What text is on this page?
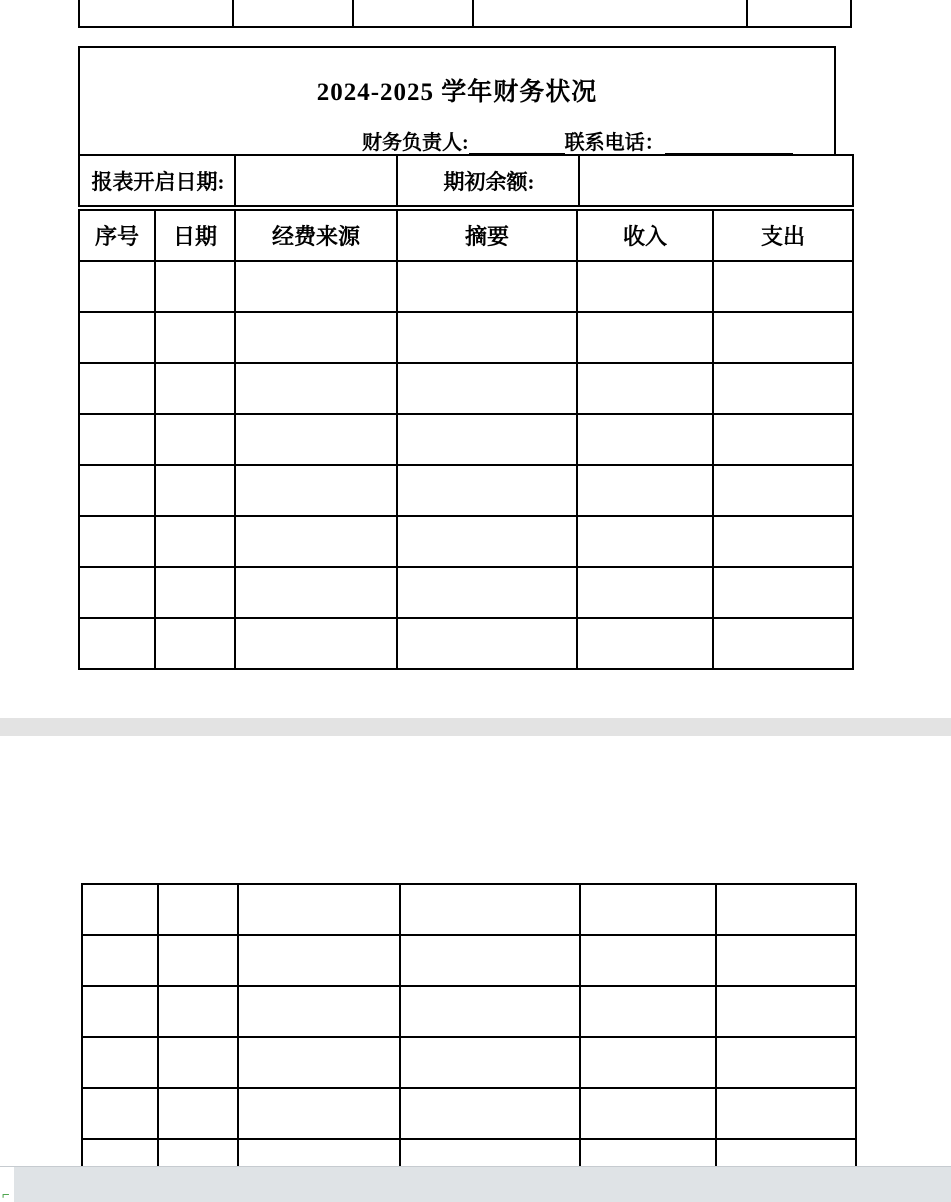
2024-2025 学年财务状况
财务负责人:	联系电话：
报表开启日期:		期初余额:	
序号	日期	经费来源	摘要	收入	支出

⌐
